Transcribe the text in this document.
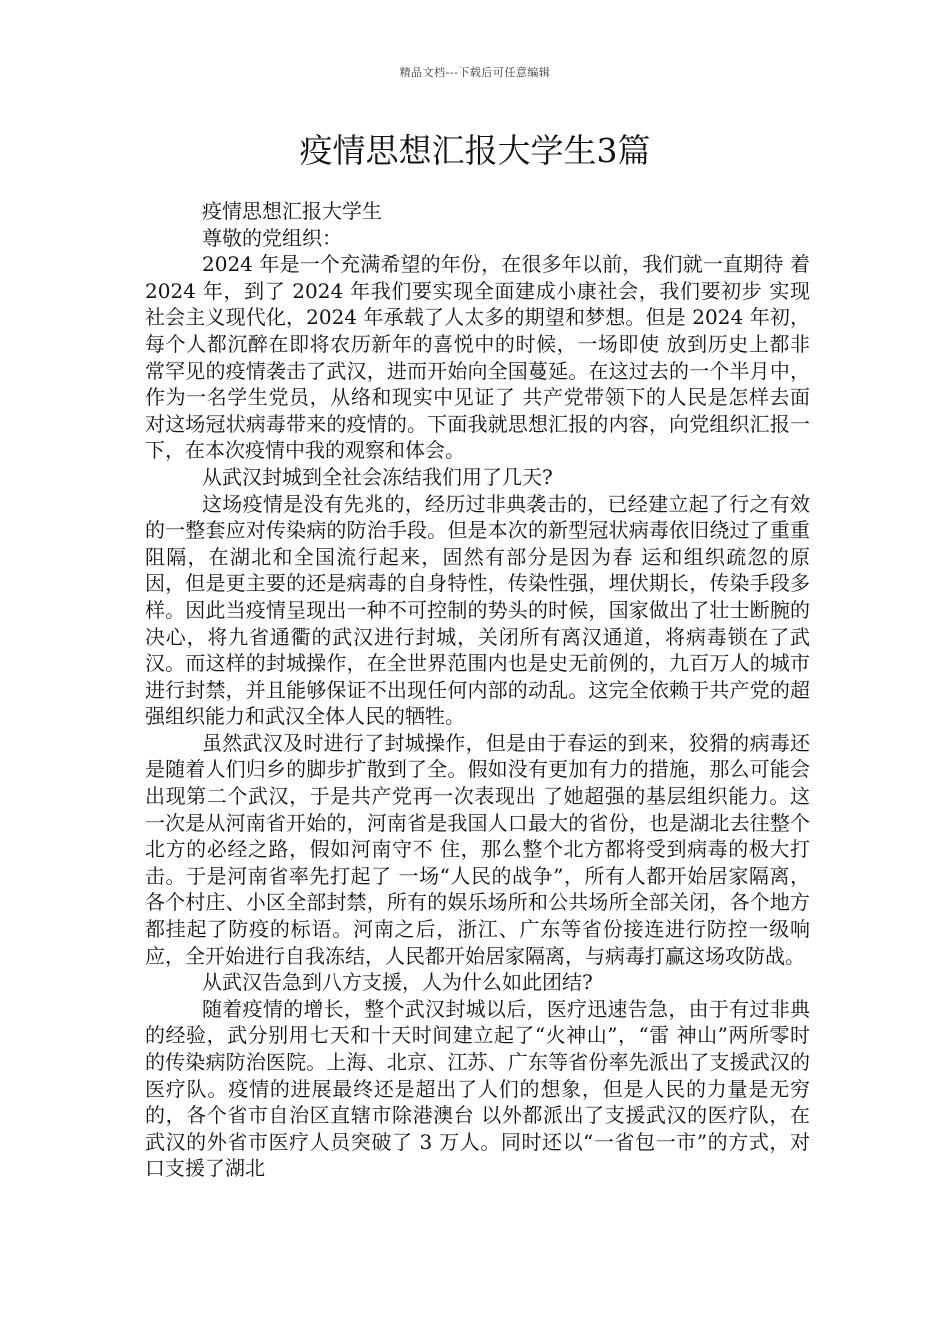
精品文档---下载后可任意编辑
疫情思想汇报大学生3篇

疫情思想汇报大学生

尊敬的党组织：

2024 年是一个充满希望的年份，在很多年以前，我们就一直期待 着 2024 年，到了 2024 年我们要实现全面建成小康社会，我们要初步 实现社会主义现代化，2024 年承载了人太多的期望和梦想。但是 2024 年初，每个人都沉醉在即将农历新年的喜悦中的时候，一场即使 放到历史上都非常罕见的疫情袭击了武汉，进而开始向全国蔓延。在这过去的一个半月中，作为一名学生党员，从络和现实中见证了 共产党带领下的人民是怎样去面对这场冠状病毒带来的疫情的。下面我就思想汇报的内容，向党组织汇报一下，在本次疫情中我的观察和体会。

从武汉封城到全社会冻结我们用了几天?

这场疫情是没有先兆的，经历过非典袭击的，已经建立起了行之有效的一整套应对传染病的防治手段。但是本次的新型冠状病毒依旧绕过了重重阻隔，在湖北和全国流行起来，固然有部分是因为春 运和组织疏忽的原因，但是更主要的还是病毒的自身特性，传染性强，埋伏期长，传染手段多样。因此当疫情呈现出一种不可控制的势头的时候，国家做出了壮士断腕的决心，将九省通衢的武汉进行封城，关闭所有离汉通道，将病毒锁在了武汉。而这样的封城操作，在全世界范围内也是史无前例的，九百万人的城市进行封禁，并且能够保证不出现任何内部的动乱。这完全依赖于共产党的超强组织能力和武汉全体人民的牺牲。

虽然武汉及时进行了封城操作，但是由于春运的到来，狡猾的病毒还是随着人们归乡的脚步扩散到了全。假如没有更加有力的措施，那么可能会出现第二个武汉，于是共产党再一次表现出 了她超强的基层组织能力。这一次是从河南省开始的，河南省是我国人口最大的省份，也是湖北去往整个北方的必经之路，假如河南守不 住，那么整个北方都将受到病毒的极大打击。于是河南省率先打起了 一场“人民的战争”，所有人都开始居家隔离，各个村庄、小区全部封禁，所有的娱乐场所和公共场所全部关闭，各个地方都挂起了防疫的标语。河南之后，浙江、广东等省份接连进行防控一级响应，全开始进行自我冻结，人民都开始居家隔离，与病毒打赢这场攻防战。

从武汉告急到八方支援，人为什么如此团结?

随着疫情的增长，整个武汉封城以后，医疗迅速告急，由于有过非典的经验，武分别用七天和十天时间建立起了“火神山”，“雷 神山”两所零时的传染病防治医院。上海、北京、江苏、广东等省份率先派出了支援武汉的医疗队。疫情的进展最终还是超出了人们的想象，但是人民的力量是无穷的，各个省市自治区直辖市除港澳台 以外都派出了支援武汉的医疗队，在武汉的外省市医疗人员突破了 3 万人。同时还以“一省包一市”的方式，对口支援了湖北
